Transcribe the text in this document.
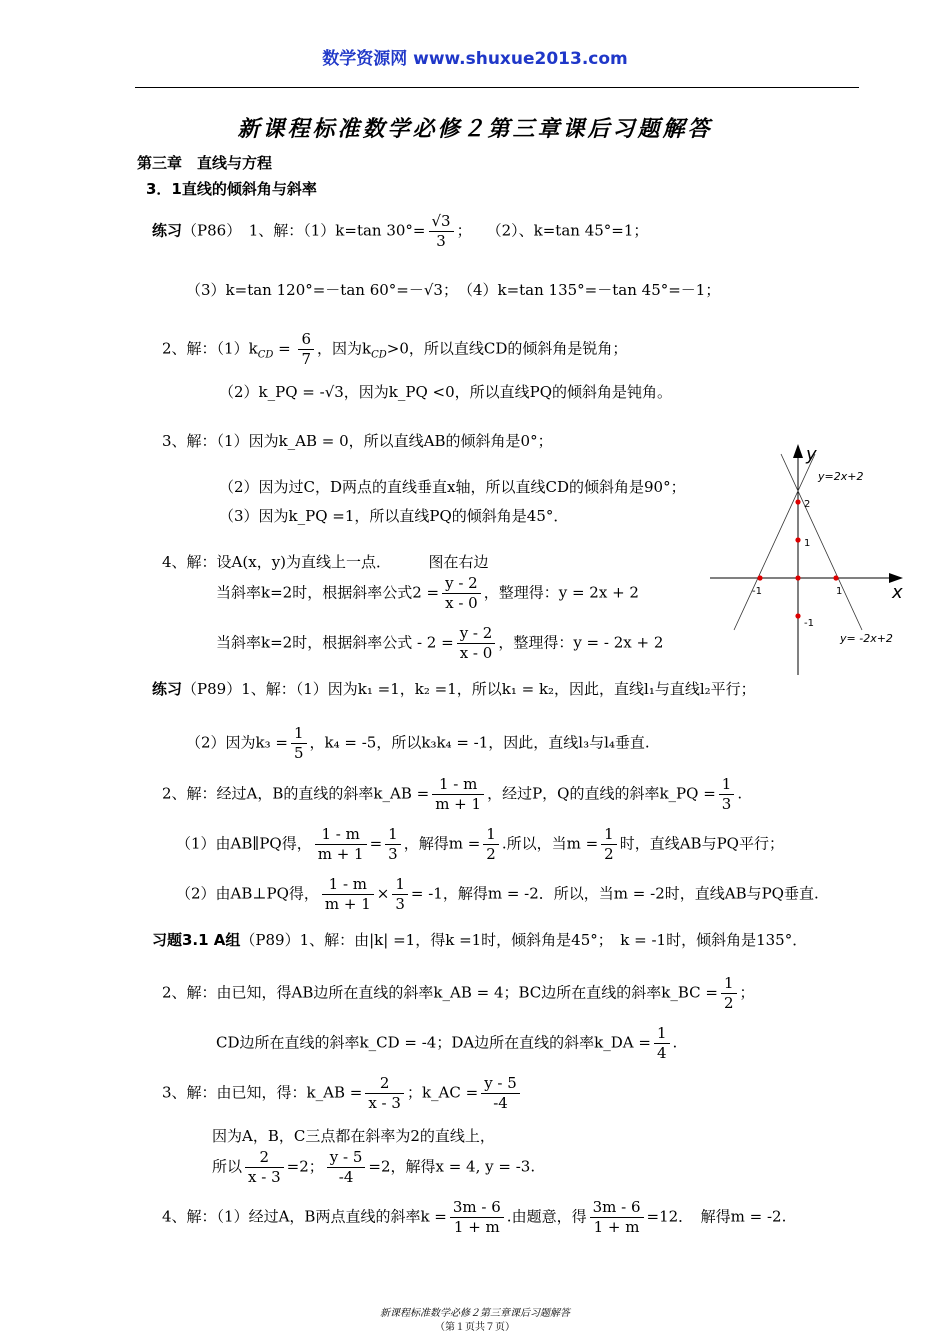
数学资源网 www.shuxue2013.com
新课程标准数学必修２第三章课后习题解答
第三章　直线与方程
3．1直线的倾斜角与斜率
练习（P86）　1、解：（1）k=tan $30^\circ= \frac{√3}{3}$ ；　　（2）、k=tan 45°=1；
（3）k=tan 120°=－tan 60°=－√3；　（4）k=tan 135°=－tan 45°=－1；
2、解：$(1)k_{CD} = \frac{6}{7}$ ，因为$k_{CD}>0$，所以直线CD的倾斜角是锐角；
（2）k_PQ = -√3，因为k_PQ <0，所以直线PQ的倾斜角是钝角。
3、解：（1）因为k_AB = 0，所以直线AB的倾斜角是0°；
（2）因为过C，D两点的直线垂直x轴，所以直线CD的倾斜角是90°；
（3）因为k_PQ =1，所以直线PQ的倾斜角是45°．
4、解：设A(x，y)为直线上一点．　　　图在右边
当斜率k=2时，根据斜率公式$2 = \frac{y - 2}{x - 0}$ ，整理得：y = 2x + 2
当斜率k=2时，根据斜率公式 - $2 = \frac{y - 2}{x - 0}$ ，整理得：y = - 2x + 2
练习（P89）1、解：（1）因为k₁ =1，k₂ =1，所以k₁ = k₂，因此，直线l₁与直线l₂平行；
（2）因为$k_3 = \frac{1}{5}$ ，k₄ = -5，所以k₃k₄ = -1，因此，直线l₃与l₄垂直.
2、解：经过A，B的直线的斜率k_AB = $\frac{1 - m}{m + 1}$ ，经过P，Q的直线的斜率k_PQ = $\frac{1}{3}$ .
（1）由AB∥PQ得， $\frac{1 - m}{m + 1} = \frac{1}{3}$ ，解得$m = \frac{1}{2}$ .所以，当$m = \frac{1}{2}$ 时，直线AB与PQ平行；
（2）由AB⊥PQ得， $\frac{1 - m}{m + 1} \times \frac{1}{3} = -1$，解得m = -2．所以，当m = -2时，直线AB与PQ垂直.
习题3.1 A组（P89）1、解：由|k| =1，得k =1时，倾斜角是45°；　k = -1时，倾斜角是135°．
2、解：由已知，得AB边所在直线的斜率k_AB = 4；BC边所在直线的斜率k_BC = $\frac{1}{2}$ ；
CD边所在直线的斜率k_CD = -4；DA边所在直线的斜率k_DA = $\frac{1}{4}$ .
3、解：由已知，得：k_AB = $\frac{2}{x - 3}$ ；k_AC = $\frac{y - 5}{-4}$
因为A，B，C三点都在斜率为2的直线上，
所以 $\frac{2}{x - 3} =2$； $\frac{y - 5}{-4} =2$，解得x = 4, y = -3.
4、解：（1）经过A，B两点直线的斜率$k = \frac{3m - 6}{1 + m}$ .由题意，得 $\frac{3m - 6}{1 + m} =12$．　解得m = -2.
y
x
y=2x+2
y= -2x+2
2
1
-1
-1	1
新课程标准数学必修２第三章课后习题解答
（第１页共７页）
